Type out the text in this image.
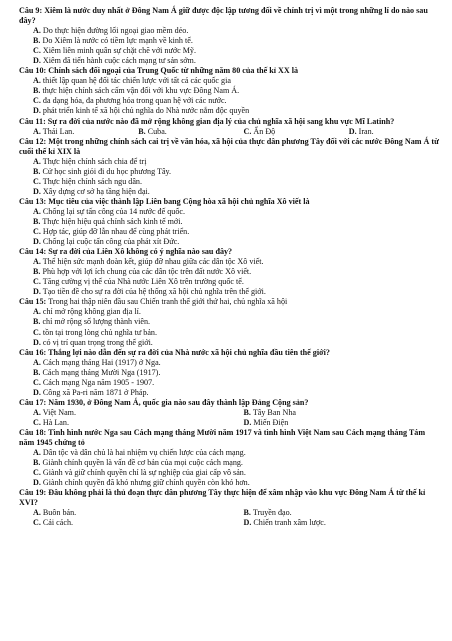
Câu 9: Xiêm là nước duy nhất ở Đông Nam Á giữ được độc lập tương đối về chính trị vì một trong những lí do nào sau đây?
A. Do thực hiện đường lối ngoại giao mềm dẻo.
B. Do Xiêm là nước có tiềm lực mạnh về kinh tế.
C. Xiêm liên minh quân sự chặt chẽ với nước Mỹ.
D. Xiêm đã tiến hành cuộc cách mạng tư sản sớm.
Câu 10: Chính sách đối ngoại của Trung Quốc từ những năm 80 của thế kỉ XX là
A. thiết lập quan hệ đối tác chiến lược với tất cả các quốc gia
B. thực hiện chính sách cấm vận đối với khu vực Đông Nam Á.
C. đa dạng hóa, đa phương hóa trong quan hệ với các nước.
D. phát triển kinh tế xã hội chủ nghĩa do Nhà nước nắm độc quyền
Câu 11: Sự ra đời của nước nào đã mở rộng không gian địa lý của chủ nghĩa xã hội sang khu vực Mĩ Latinh?
A. Thái Lan.	B. Cuba.	C. Ấn Độ	D. Iran.
Câu 12: Một trong những chính sách cai trị về văn hóa, xã hội của thực dân phương Tây đối với các nước Đông Nam Á từ cuối thế kỉ XIX là
A. Thực hiện chính sách chia để trị
B. Cử học sinh giỏi đi du học phương Tây.
C. Thực hiện chính sách ngu dân.
D. Xây dựng cơ sở hạ tầng hiện đại.
Câu 13: Mục tiêu của việc thành lập Liên bang Cộng hòa xã hội chủ nghĩa Xô viết là
A. Chống lại sự tấn công của 14 nước đế quốc.
B. Thực hiện hiệu quả chính sách kinh tế mới.
C. Hợp tác, giúp đỡ lẫn nhau để cùng phát triển.
D. Chống lại cuộc tấn công của phát xít Đức.
Câu 14: Sự ra đời của Liên Xô không có ý nghĩa nào sau đây?
A. Thể hiện sức mạnh đoàn kết, giúp đỡ nhau giữa các dân tộc Xô viết.
B. Phù hợp với lợi ích chung của các dân tộc trên đất nước Xô viết.
C. Tăng cường vị thế của Nhà nước Liên Xô trên trường quốc tế.
D. Tạo tiền đề cho sự ra đời của hệ thống xã hội chủ nghĩa trên thế giới.
Câu 15: Trong hai thập niên đầu sau Chiến tranh thế giới thứ hai, chủ nghĩa xã hội
A. chỉ mở rộng không gian địa lí.
B. chỉ mở rộng số lượng thành viên.
C. tồn tại trong lòng chủ nghĩa tư bản.
D. có vị trí quan trọng trong thế giới.
Câu 16: Thắng lợi nào dẫn đến sự ra đời của Nhà nước xã hội chủ nghĩa đầu tiên thế giới?
A. Cách mạng tháng Hai (1917) ở Nga.
B. Cách mạng tháng Mười Nga (1917).
C. Cách mạng Nga năm 1905 - 1907.
D. Công xã Pa-ri năm 1871 ở Pháp.
Câu 17: Năm 1930, ở Đông Nam Á, quốc gia nào sau đây thành lập Đảng Cộng sản?
A. Việt Nam.	B. Tây Ban Nha
C. Hà Lan.	D. Miến Điện
Câu 18: Tình hình nước Nga sau Cách mạng tháng Mười năm 1917 và tình hình Việt Nam sau Cách mạng tháng Tám năm 1945 chứng tỏ
A. Dân tộc và dân chủ là hai nhiệm vụ chiến lược của cách mạng.
B. Giành chính quyền là vấn đề cơ bản của mọi cuộc cách mạng.
C. Giành và giữ chính quyền chỉ là sự nghiệp của giai cấp vô sản.
D. Giành chính quyền đã khó nhưng giữ chính quyền còn khó hơn.
Câu 19: Đâu không phải là thủ đoạn thực dân phương Tây thực hiện để xâm nhập vào khu vực Đông Nam Á từ thế kỉ XVI?
A. Buôn bán.	B. Truyền đạo.
C. Cải cách.	D. Chiến tranh xâm lược.
